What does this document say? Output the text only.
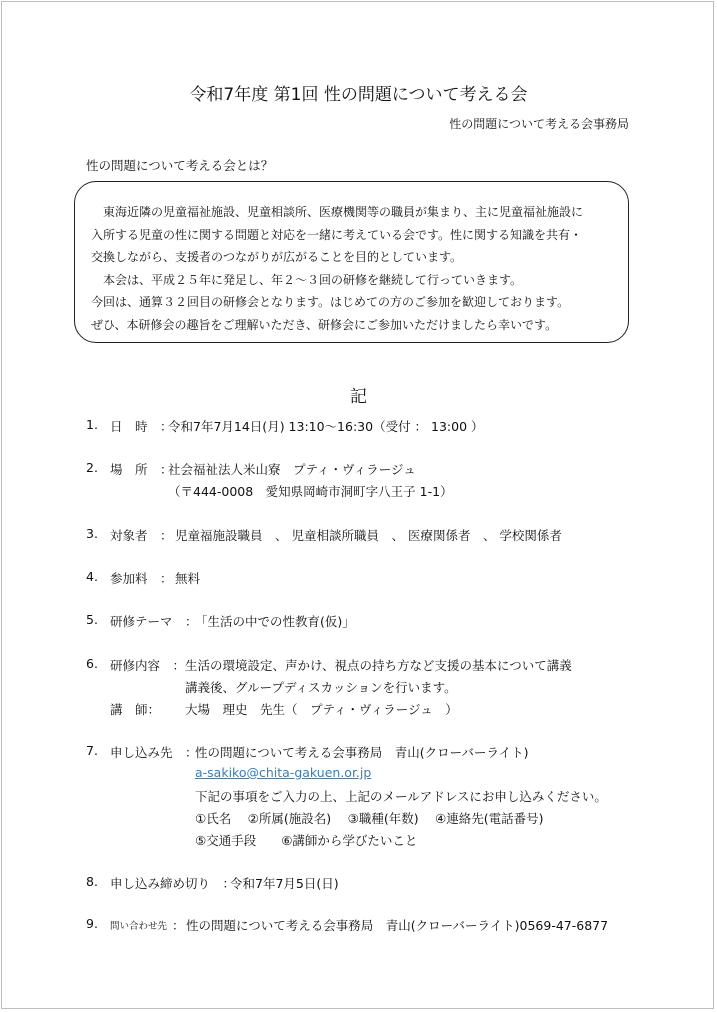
令和7年度 第1回 性の問題について考える会
性の問題について考える会事務局
性の問題について考える会とは？
　東海近隣の児童福祉施設、児童相談所、医療機関等の職員が集まり、主に児童福祉施設に
入所する児童の性に関する問題と対応を一緒に考えている会です。性に関する知識を共有・
交換しながら、支援者のつながりが広がることを目的としています。
　本会は、平成２５年に発足し、年２〜３回の研修を継続して行っていきます。
今回は、通算３２回目の研修会となります。はじめての方のご参加を歓迎しております。
ぜひ、本研修会の趣旨をご理解いただき、研修会にご参加いただけましたら幸いです。
記
1. 日　時　：
令和7年7月14日(月) 13:10〜16:30（受付 ： 13:00 ）
2. 場　所　：
社会福祉法人米山寮　プティ・ヴィラージュ
（〒444-0008　愛知県岡崎市洞町字八王子 1-1）
3. 対象者　： 児童福施設職員　、 児童相談所職員　、 医療関係者　、 学校関係者
4. 参加料　： 無料
5. 研修テーマ　：
「生活の中での性教育(仮)」
6. 研修内容　： 生活の環境設定、声かけ、視点の持ち方など支援の基本について講義
講義後、グループディスカッションを行います。
講　師： 大場　理史　先生（　プティ・ヴィラージュ　）
7. 申し込み先　：
性の問題について考える会事務局　青山(クローバーライト)
a-sakiko@chita-gakuen.or.jp
下記の事項をご入力の上、上記のメールアドレスにお申し込みください。
①氏名　 ②所属(施設名)　 ③職種(年数)　 ④連絡先(電話番号)
⑤交通手段　　⑥講師から学びたいこと
8. 申し込み締め切り　：
令和7年7月5日(日)
9. 問い合わせ先 ： 性の問題について考える会事務局　青山(クローバーライト)0569-47-6877
